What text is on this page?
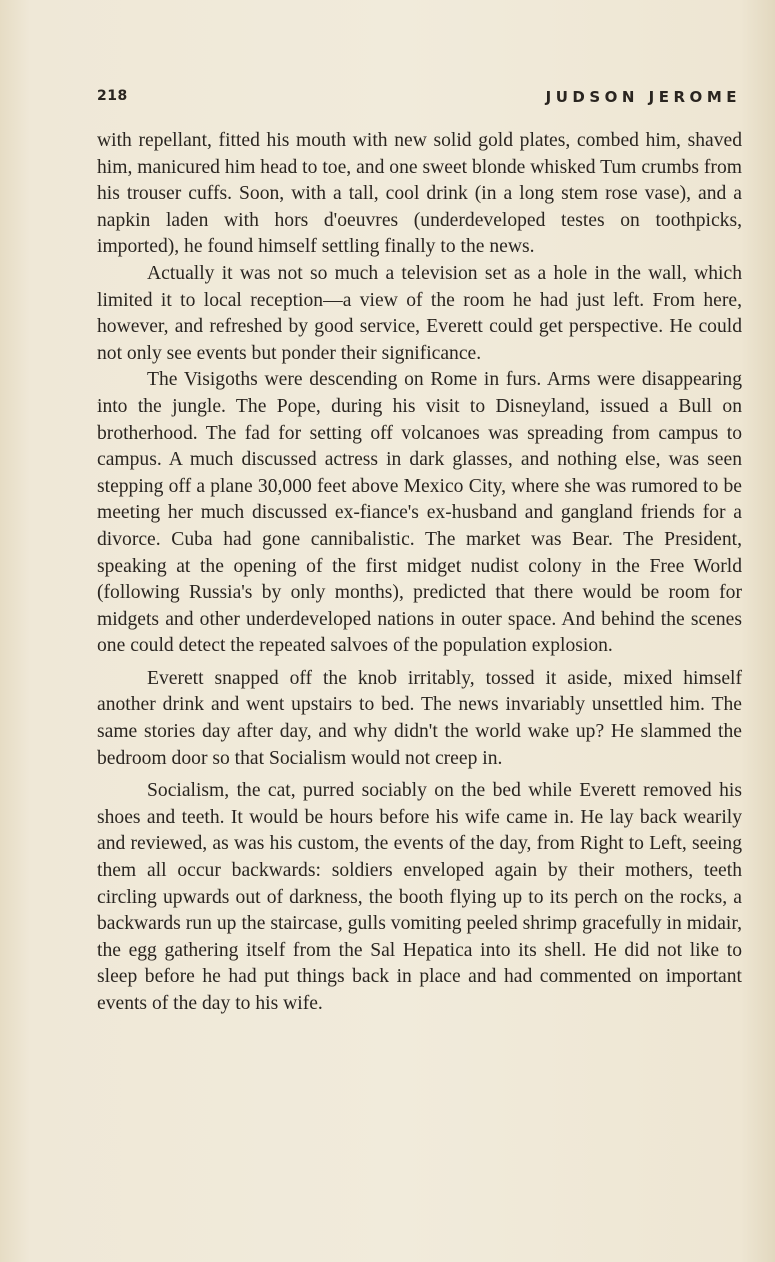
218	JUDSON JEROME

with repellant, fitted his mouth with new solid gold plates, combed him, shaved him, manicured him head to toe, and one sweet blonde whisked Tum crumbs from his trouser cuffs. Soon, with a tall, cool drink (in a long stem rose vase), and a napkin laden with hors d'oeuvres (underdeveloped testes on toothpicks, imported), he found himself settling finally to the news.

Actually it was not so much a television set as a hole in the wall, which limited it to local reception—a view of the room he had just left. From here, however, and refreshed by good service, Everett could get perspective. He could not only see events but ponder their significance.

The Visigoths were descending on Rome in furs. Arms were disappearing into the jungle. The Pope, during his visit to Disneyland, issued a Bull on brotherhood. The fad for setting off volcanoes was spreading from campus to campus. A much discussed actress in dark glasses, and nothing else, was seen stepping off a plane 30,000 feet above Mexico City, where she was rumored to be meeting her much discussed ex-fiance's ex-husband and gangland friends for a divorce. Cuba had gone cannibalistic. The market was Bear. The President, speaking at the opening of the first midget nudist colony in the Free World (following Russia's by only months), predicted that there would be room for midgets and other underdeveloped nations in outer space. And behind the scenes one could detect the repeated salvoes of the population explosion.

Everett snapped off the knob irritably, tossed it aside, mixed himself another drink and went upstairs to bed. The news invariably unsettled him. The same stories day after day, and why didn't the world wake up? He slammed the bedroom door so that Socialism would not creep in.

Socialism, the cat, purred sociably on the bed while Everett removed his shoes and teeth. It would be hours before his wife came in. He lay back wearily and reviewed, as was his custom, the events of the day, from Right to Left, seeing them all occur backwards: soldiers enveloped again by their mothers, teeth circling upwards out of darkness, the booth flying up to its perch on the rocks, a backwards run up the staircase, gulls vomiting peeled shrimp gracefully in midair, the egg gathering itself from the Sal Hepatica into its shell. He did not like to sleep before he had put things back in place and had commented on important events of the day to his wife.
